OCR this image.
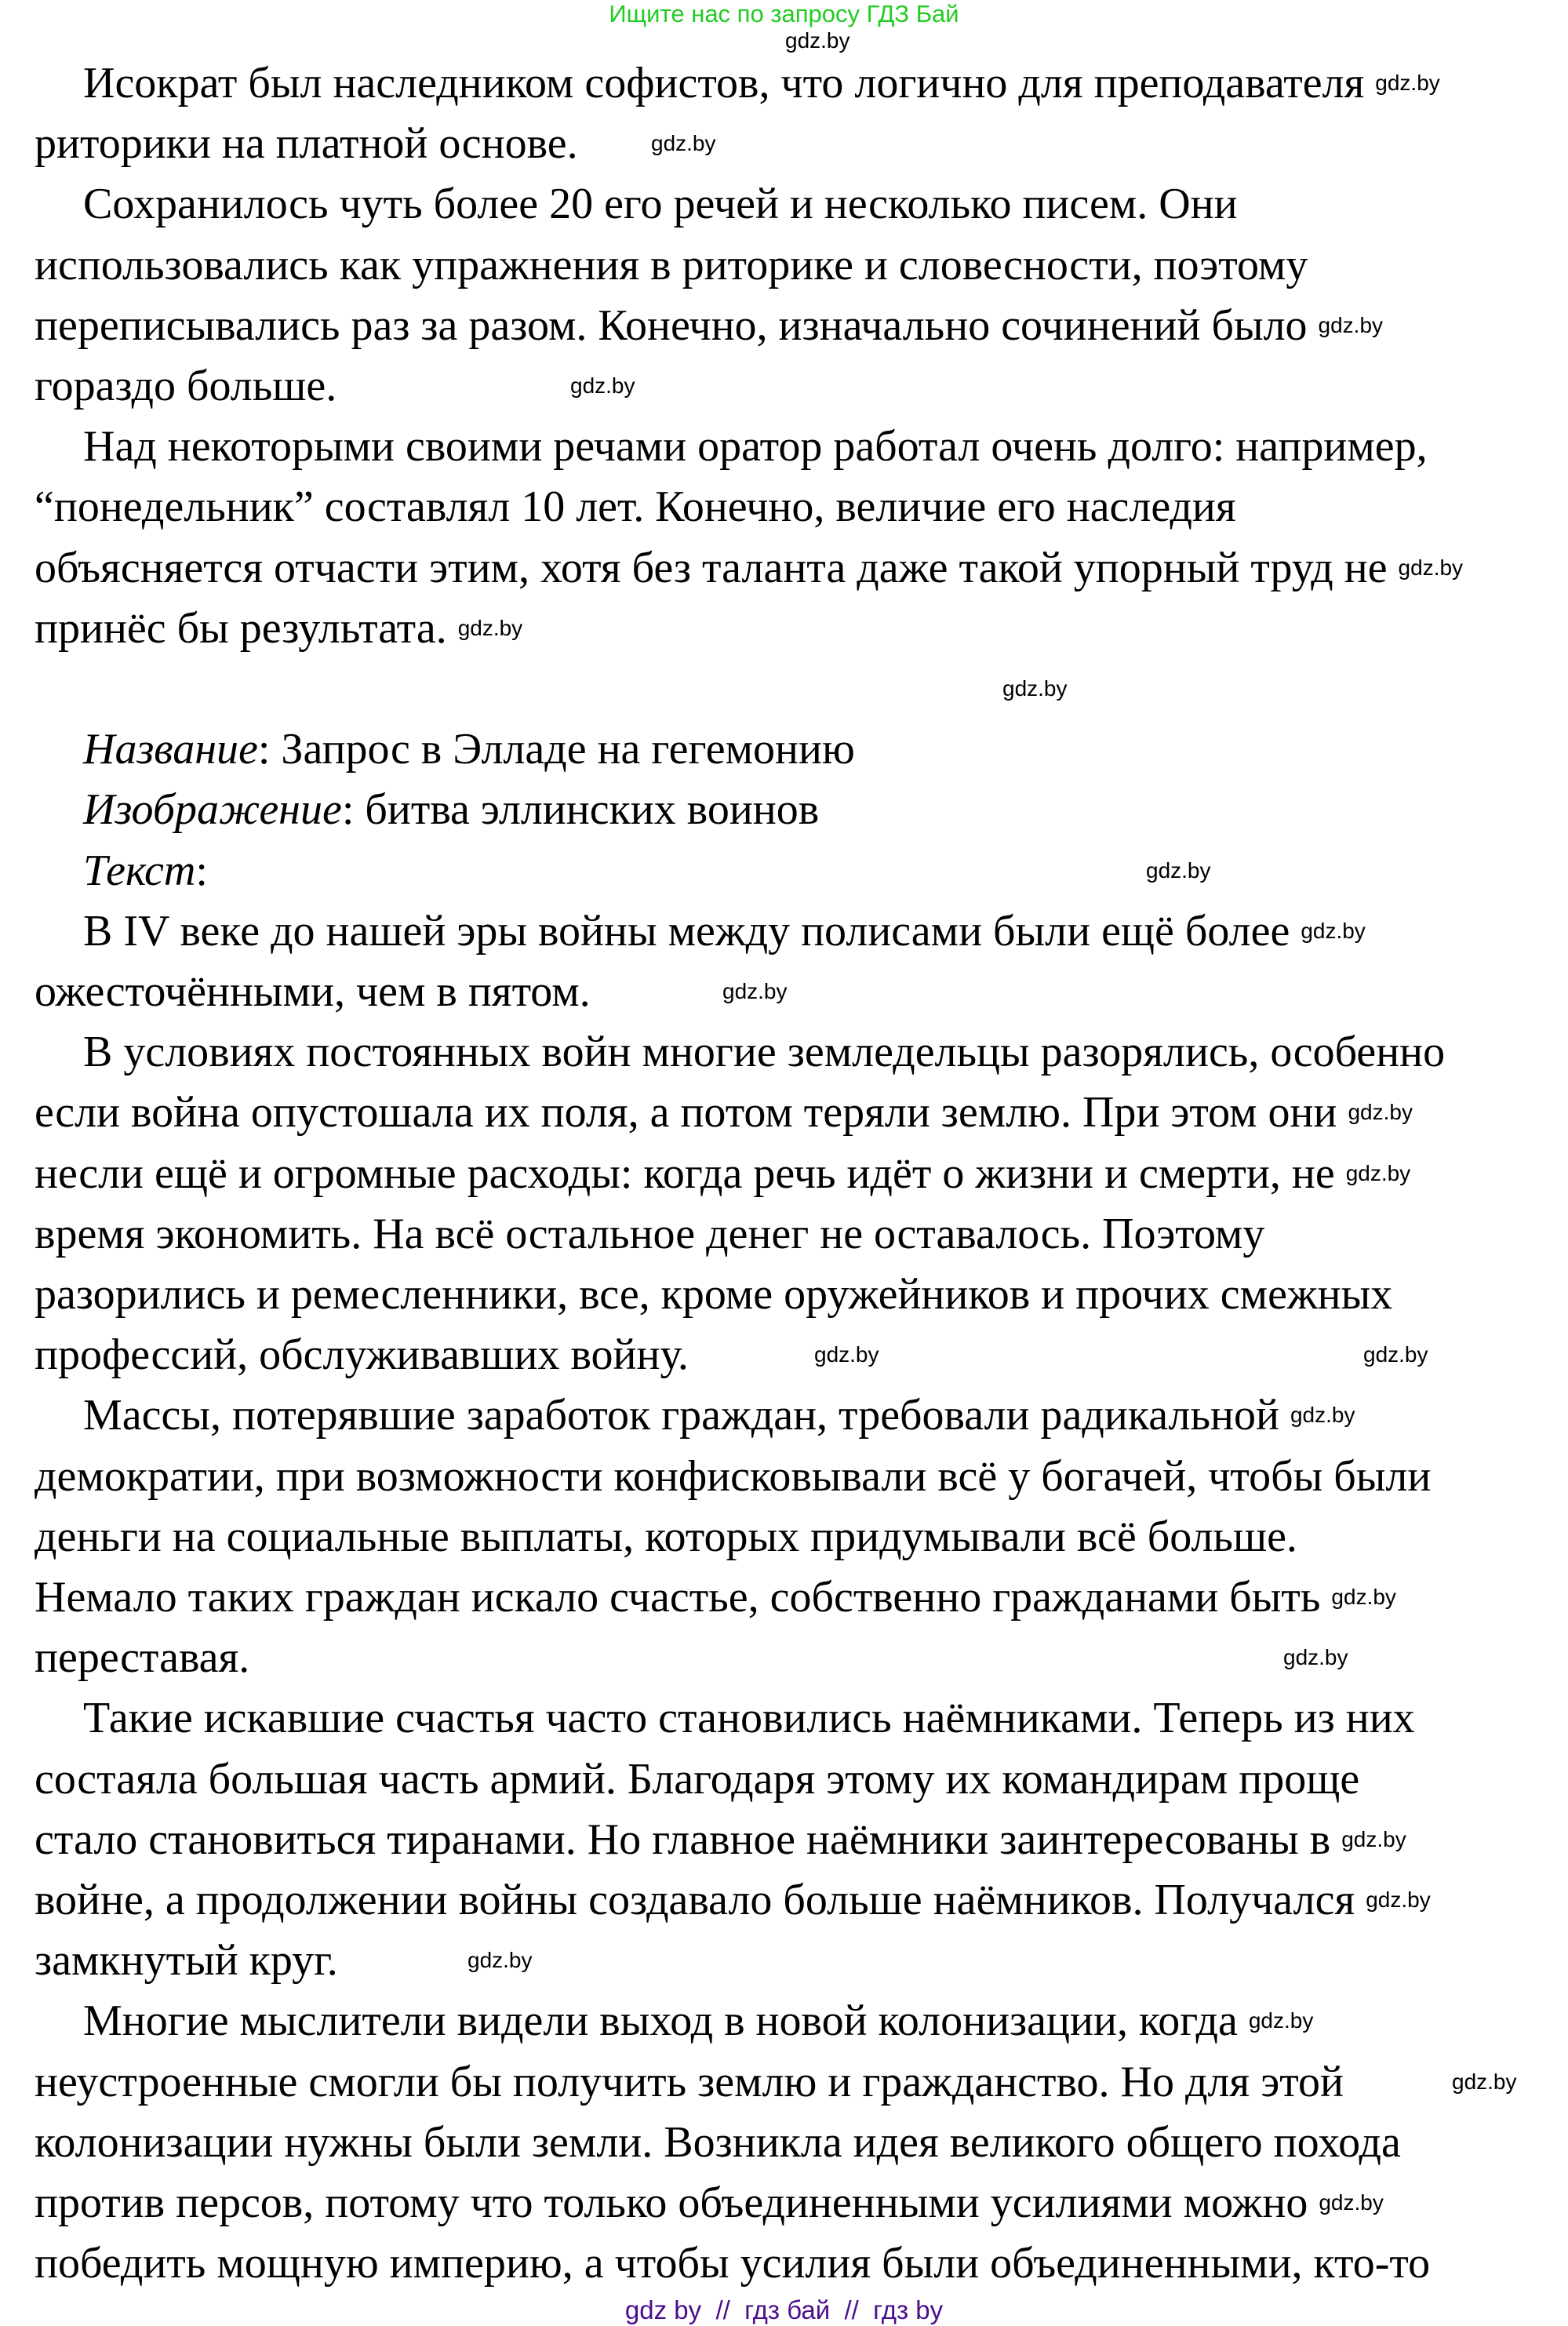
Ищите нас по запросу ГДЗ Бай
Исократ был наследником софистов, что логично для преподавателя
риторики на платной основе.
Сохранилось чуть более 20 его речей и несколько писем. Они
использовались как упражнения в риторике и словесности, поэтому
переписывались раз за разом. Конечно, изначально сочинений было
гораздо больше.
Над некоторыми своими речами оратор работал очень долго: например,
“понедельник” составлял 10 лет. Конечно, величие его наследия
объясняется отчасти этим, хотя без таланта даже такой упорный труд не
принёс бы результата.
Название: Запрос в Элладе на гегемонию
Изображение: битва эллинских воинов
Текст:
В IV веке до нашей эры войны между полисами были ещё более
ожесточёнными, чем в пятом.
В условиях постоянных войн многие земледельцы разорялись, особенно
если война опустошала их поля, а потом теряли землю. При этом они
несли ещё и огромные расходы: когда речь идёт о жизни и смерти, не
время экономить. На всё остальное денег не оставалось. Поэтому
разорились и ремесленники, все, кроме оружейников и прочих смежных
профессий, обслуживавших войну.
Массы, потерявшие заработок граждан, требовали радикальной
демократии, при возможности конфисковывали всё у богачей, чтобы были
деньги на социальные выплаты, которых придумывали всё больше.
Немало таких граждан искало счастье, собственно гражданами быть
переставая.
Такие искавшие счастья часто становились наёмниками. Теперь из них
состаяла большая часть армий. Благодаря этому их командирам проще
стало становиться тиранами. Но главное наёмники заинтересованы в
войне, а продолжении войны создавало больше наёмников. Получался
замкнутый круг.
Многие мыслители видели выход в новой колонизации, когда
неустроенные смогли бы получить землю и гражданство. Но для этой
колонизации нужны были земли. Возникла идея великого общего похода
против персов, потому что только объединенными усилиями можно
победить мощную империю, а чтобы усилия были объединенными, кто-то
gdz.by
gdz.by
gdz.by
gdz.by
gdz.by
gdz.by
gdz.by
gdz.by
gdz.by
gdz.by
gdz.by
gdz.by
gdz.by
gdz.by	gdz.by
gdz.by
gdz.by
gdz.by
gdz.by
gdz.by
gdz.by
gdz.by
gdz.by
gdz.by
gdz by  //  гдз бай  //  гдз by
